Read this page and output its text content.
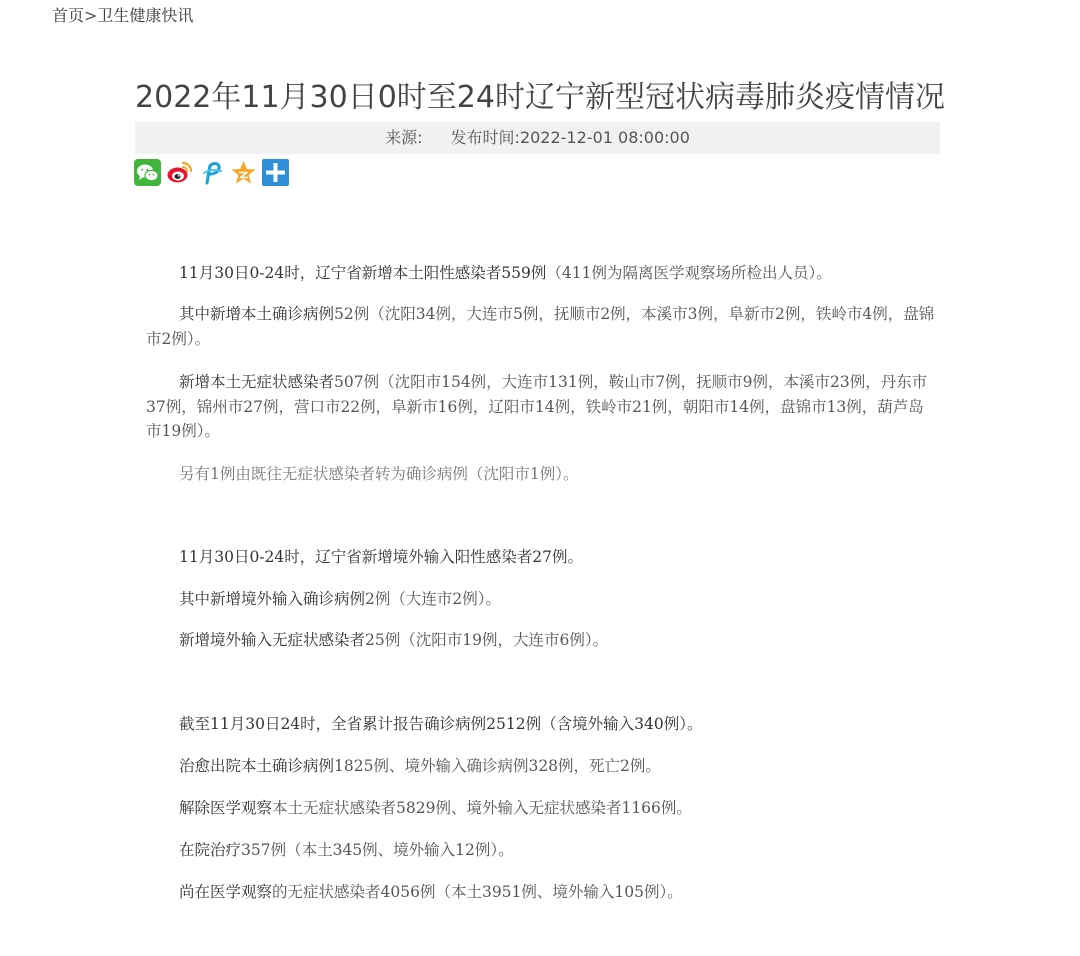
首页>卫生健康快讯
2022年11月30日0时至24时辽宁新型冠状病毒肺炎疫情情况
来源: 发布时间:2022-12-01 08:00:00

11月30日0-24时，辽宁省新增本土阳性感染者559例（411例为隔离医学观察场所检出人员）。

其中新增本土确诊病例52例（沈阳34例，大连市5例，抚顺市2例，本溪市3例，阜新市2例，铁岭市4例，盘锦市2例）。

新增本土无症状感染者507例（沈阳市154例，大连市131例，鞍山市7例，抚顺市9例，本溪市23例，丹东市37例，锦州市27例，营口市22例，阜新市16例，辽阳市14例，铁岭市21例，朝阳市14例，盘锦市13例，葫芦岛市19例）。

另有1例由既往无症状感染者转为确诊病例（沈阳市1例）。

11月30日0-24时，辽宁省新增境外输入阳性感染者27例。

其中新增境外输入确诊病例2例（大连市2例）。

新增境外输入无症状感染者25例（沈阳市19例，大连市6例）。

截至11月30日24时，全省累计报告确诊病例2512例（含境外输入340例）。

治愈出院本土确诊病例1825例、境外输入确诊病例328例，死亡2例。

解除医学观察本土无症状感染者5829例、境外输入无症状感染者1166例。

在院治疗357例（本土345例、境外输入12例）。

尚在医学观察的无症状感染者4056例（本土3951例、境外输入105例）。
